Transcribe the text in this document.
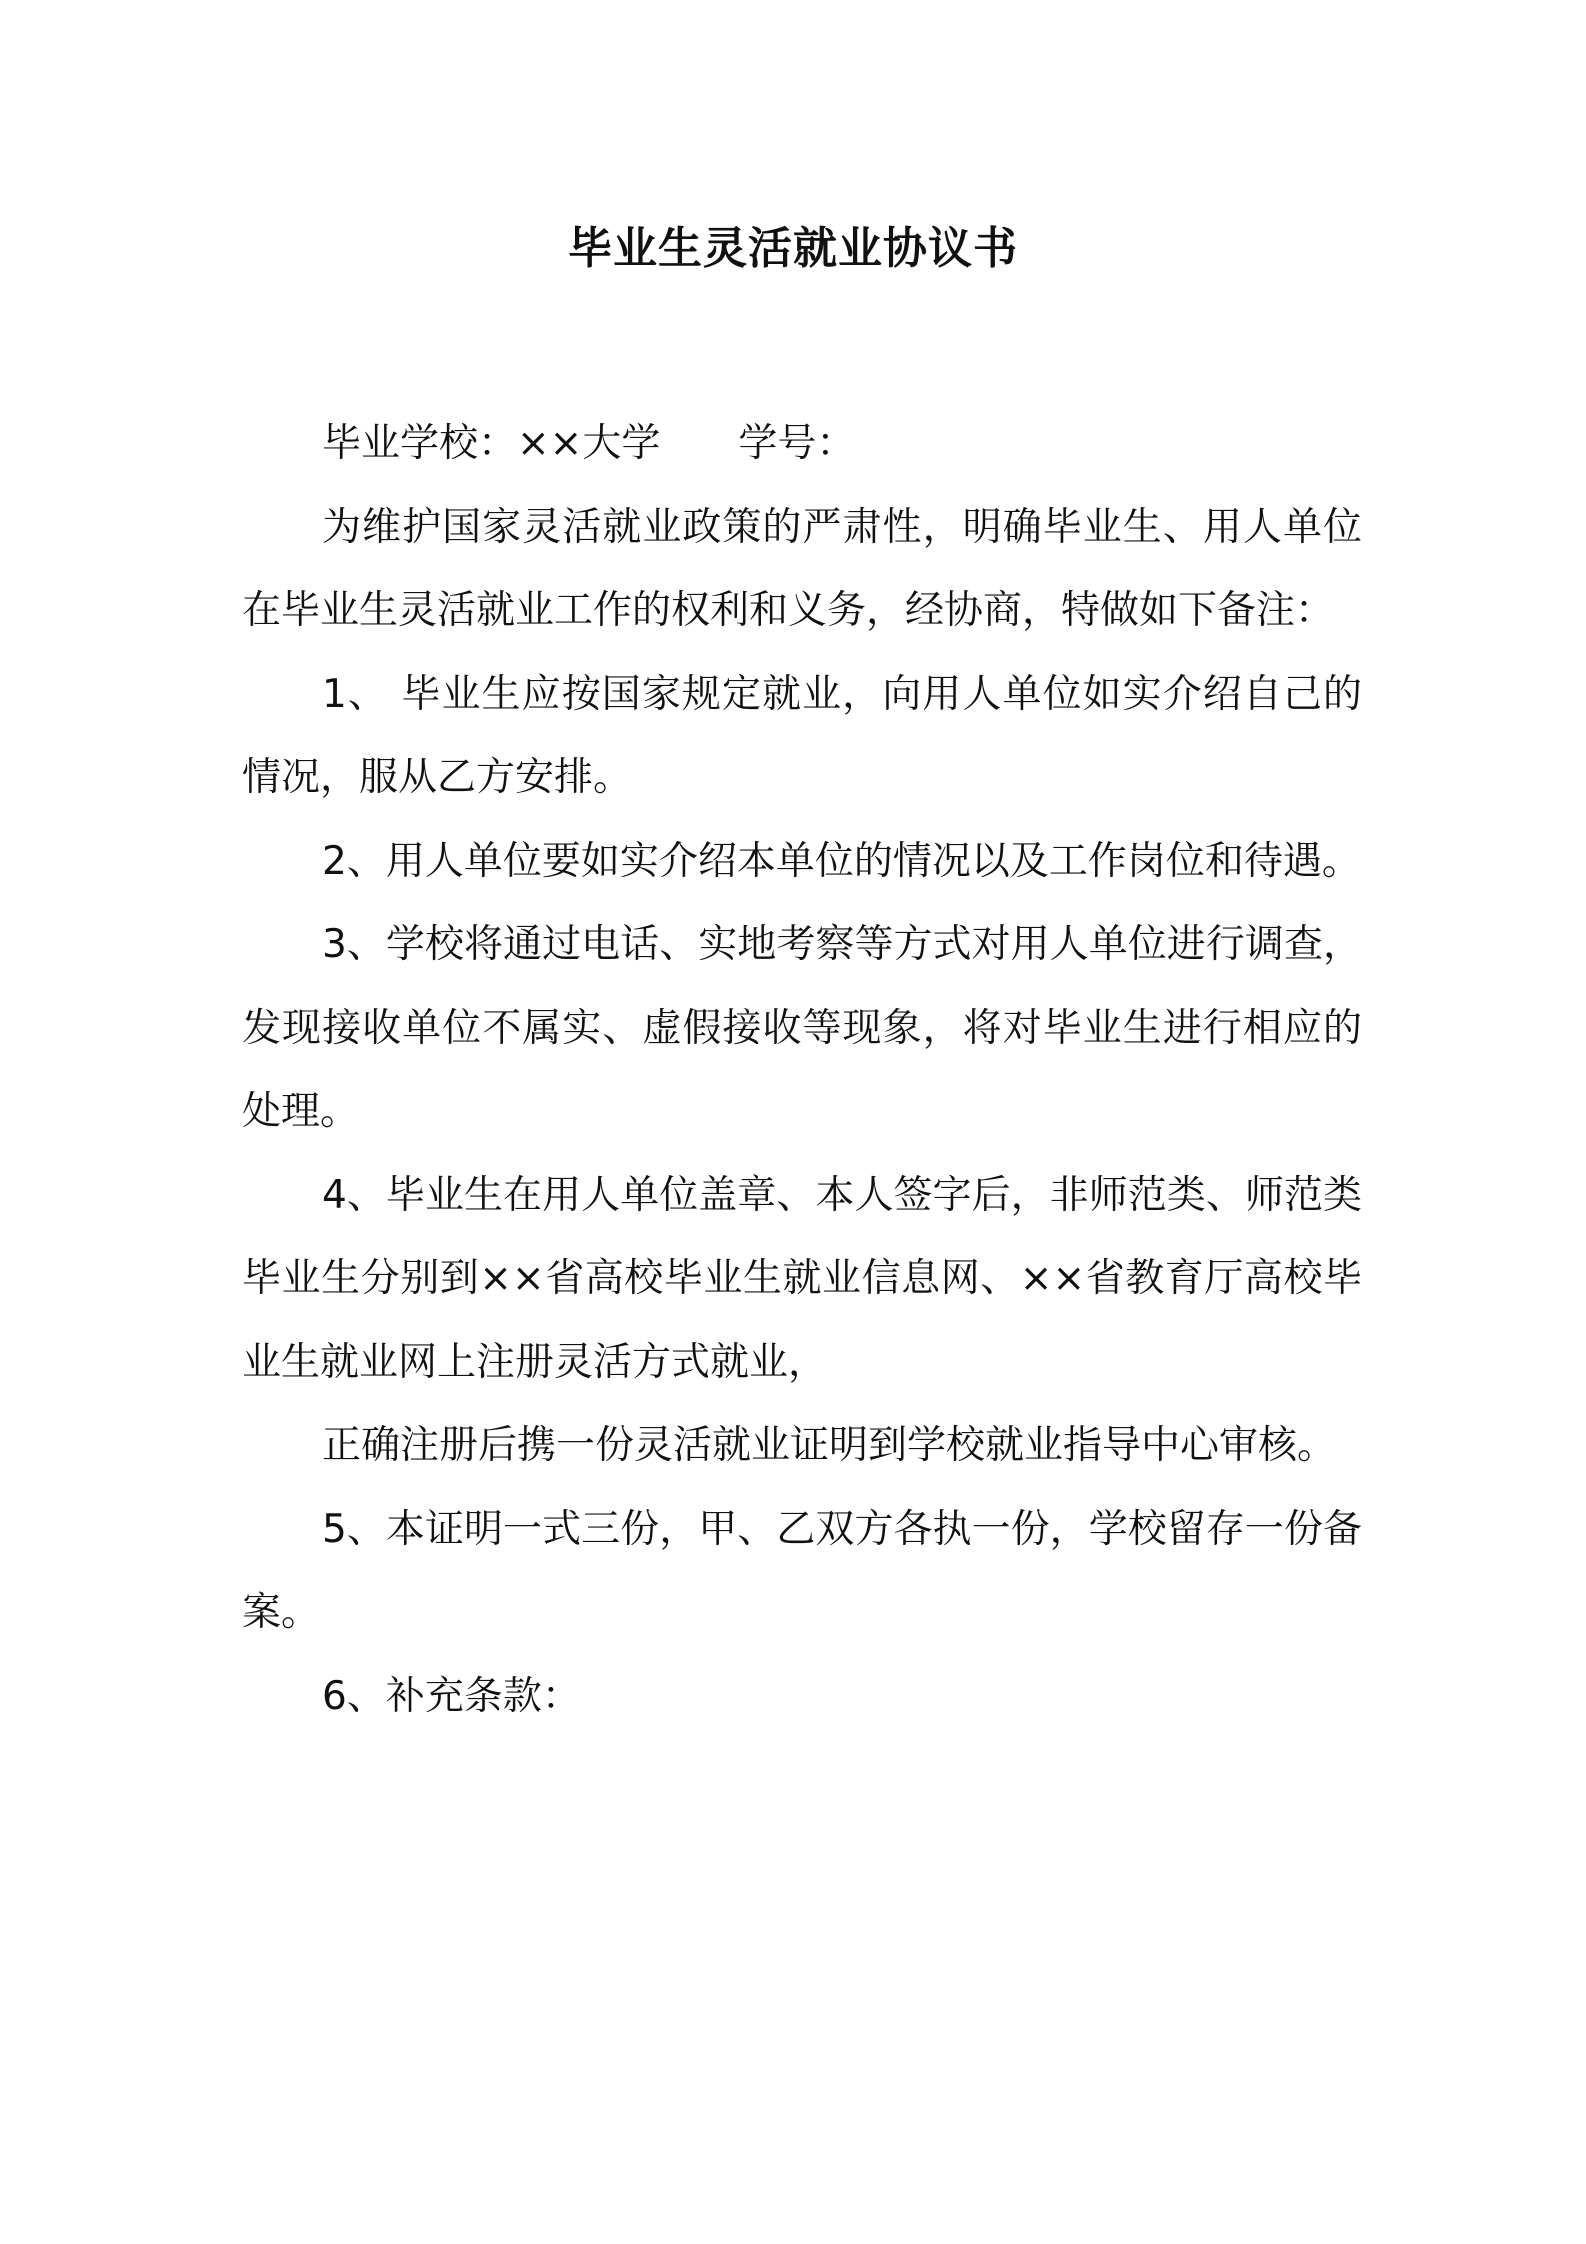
毕业生灵活就业协议书

毕业学校：××大学　　学号：

为维护国家灵活就业政策的严肃性，明确毕业生、用人单位在毕业生灵活就业工作的权利和义务，经协商，特做如下备注：

1、 毕业生应按国家规定就业，向用人单位如实介绍自己的情况，服从乙方安排。

2、用人单位要如实介绍本单位的情况以及工作岗位和待遇。

3、学校将通过电话、实地考察等方式对用人单位进行调查，发现接收单位不属实、虚假接收等现象，将对毕业生进行相应的处理。

4、毕业生在用人单位盖章、本人签字后，非师范类、师范类毕业生分别到××省高校毕业生就业信息网、××省教育厅高校毕业生就业网上注册灵活方式就业，

正确注册后携一份灵活就业证明到学校就业指导中心审核。

5、本证明一式三份，甲、乙双方各执一份，学校留存一份备案。

6、补充条款：
